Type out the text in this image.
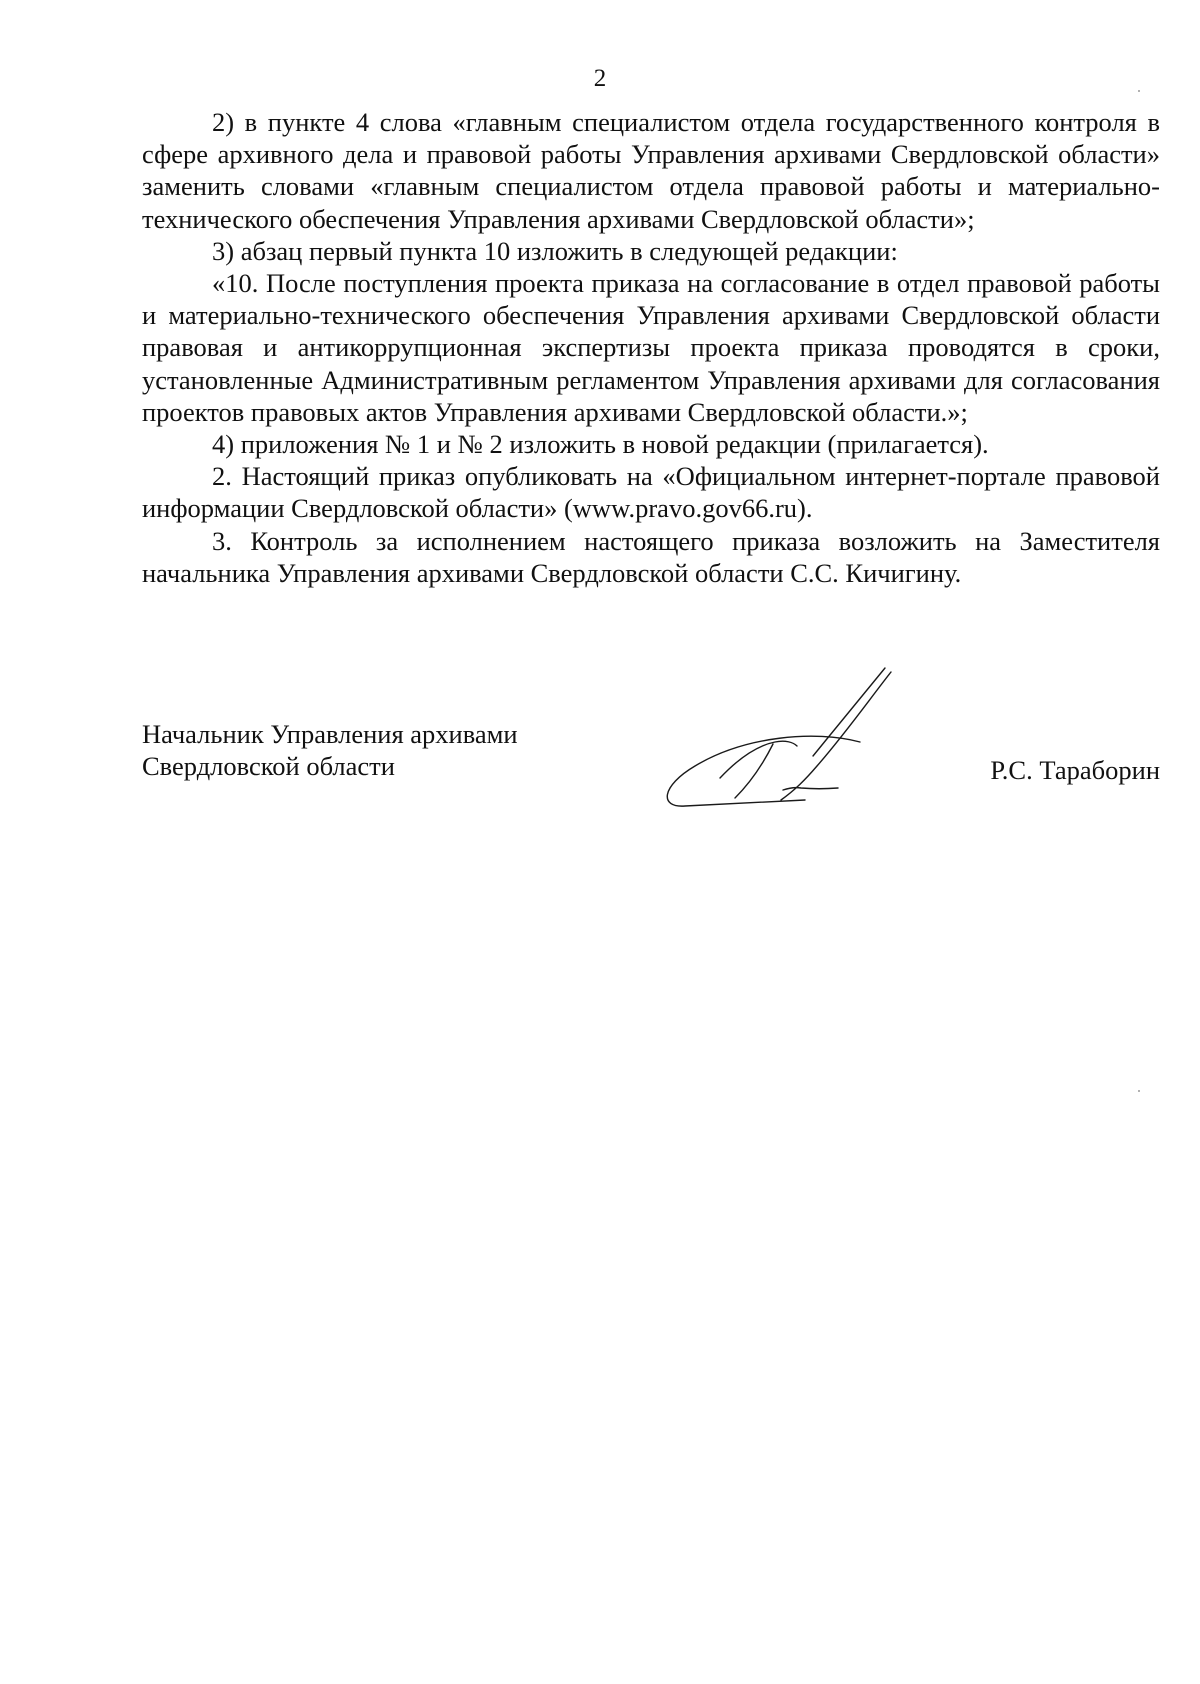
2

2) в пункте 4 слова «главным специалистом отдела государственного контроля в сфере архивного дела и правовой работы Управления архивами Свердловской области» заменить словами «главным специалистом отдела правовой работы и материально-технического обеспечения Управления архивами Свердловской области»;

3) абзац первый пункта 10 изложить в следующей редакции:

«10. После поступления проекта приказа на согласование в отдел правовой работы и материально-технического обеспечения Управления архивами Свердловской области правовая и антикоррупционная экспертизы проекта приказа проводятся в сроки, установленные Административным регламентом Управления архивами для согласования проектов правовых актов Управления архивами Свердловской области.»;

4) приложения № 1 и № 2 изложить в новой редакции (прилагается).

2. Настоящий приказ опубликовать на «Официальном интернет-портале правовой информации Свердловской области» (www.pravo.gov66.ru).

3. Контроль за исполнением настоящего приказа возложить на Заместителя начальника Управления архивами Свердловской области С.С. Кичигину.

Начальник Управления архивами
Свердловской области	Р.С. Тараборин
